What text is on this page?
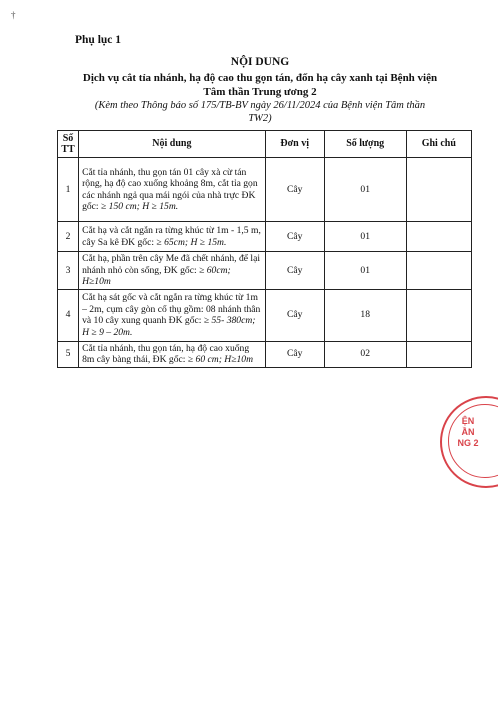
†
Phụ lục 1
NỘI DUNG
Dịch vụ cắt tỉa nhánh, hạ độ cao thu gọn tán, đốn hạ cây xanh tại Bệnh viện
Tâm thần Trung ương 2
(Kèm theo Thông báo số 175/TB-BV ngày 26/11/2024 của Bệnh viện Tâm thần
TW2)
Số
TT	Nội dung	Đơn vị	Số lượng	Ghi chú
1	Cắt tỉa nhánh, thu gọn tán 01 cây xà cừ tán rộng, hạ độ cao xuống khoảng 8m, cắt tỉa gọn các nhánh ngả qua mái ngói của nhà trực ĐK gốc: ≥ 150 cm; H ≥ 15m.	Cây	01	
2	Cắt hạ và cắt ngắn ra từng khúc từ 1m - 1,5 m, cây Sa kê ĐK gốc: ≥ 65cm; H ≥ 15m.	Cây	01	
3	Cắt hạ, phần trên cây Me đã chết nhánh, để lại nhánh nhỏ còn sống, ĐK gốc: ≥ 60cm; H≥10m	Cây	01	
4	Cắt hạ sát gốc và cắt ngắn ra từng khúc từ 1m – 2m, cụm cây gòn cổ thụ gồm: 08 nhánh thân và 10 cây xung quanh ĐK gốc: ≥ 55- 380cm; H ≥ 9 – 20m.	Cây	18	
5	Cắt tỉa nhánh, thu gọn tán, hạ độ cao xuống 8m cây bàng thái, ĐK gốc: ≥ 60 cm; H≥10m	Cây	02	
ỆN
ẦN
NG 2
